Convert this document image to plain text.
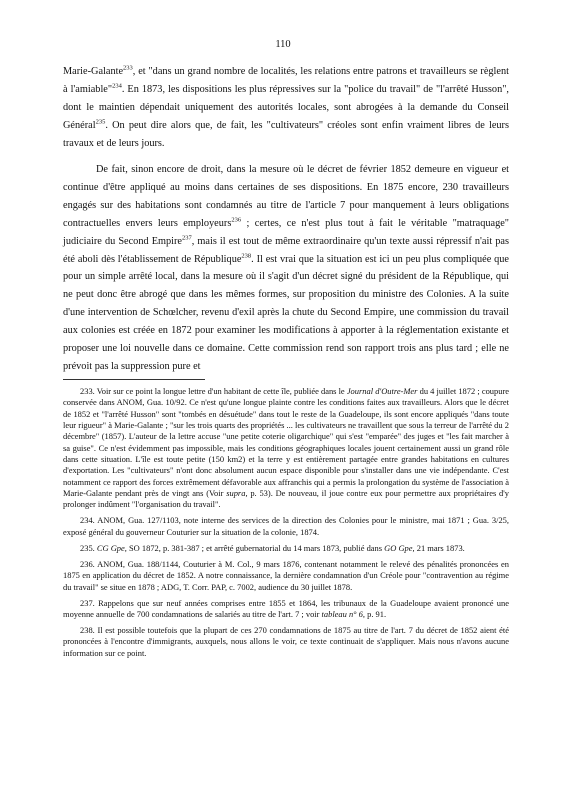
110

Marie-Galante$^{233}$, et "dans un grand nombre de localités, les relations entre patrons et travailleurs se règlent à l'amiable"$^{234}$. En 1873, les dispositions les plus répressives sur la "police du travail" de "l'arrêté Husson", dont le maintien dépendait uniquement des autorités locales, sont abrogées à la demande du Conseil Général$^{235}$. On peut dire alors que, de fait, les "cultivateurs" créoles sont enfin vraiment libres de leurs travaux et de leurs jours.

De fait, sinon encore de droit, dans la mesure où le décret de février 1852 demeure en vigueur et continue d'être appliqué au moins dans certaines de ses dispositions. En 1875 encore, 230 travailleurs engagés sur des habitations sont condamnés au titre de l'article 7 pour manquement à leurs obligations contractuelles envers leurs employeurs$^{236}$ ; certes, ce n'est plus tout à fait le véritable "matraquage" judiciaire du Second Empire$^{237}$, mais il est tout de même extraordinaire qu'un texte aussi répressif n'ait pas été aboli dès l'établissement de République$^{238}$. Il est vrai que la situation est ici un peu plus compliquée que pour un simple arrêté local, dans la mesure où il s'agit d'un décret signé du président de la République, qui ne peut donc être abrogé que dans les mêmes formes, sur proposition du ministre des Colonies. A la suite d'une intervention de Schœlcher, revenu d'exil après la chute du Second Empire, une commission du travail aux colonies est créée en 1872 pour examiner les modifications à apporter à la réglementation existante et proposer une loi nouvelle dans ce domaine. Cette commission rend son rapport trois ans plus tard ; elle ne prévoit pas la suppression pure et

233. Voir sur ce point la longue lettre d'un habitant de cette île, publiée dans le Journal d'Outre-Mer du 4 juillet 1872 ; coupure conservée dans ANOM, Gua. 10/92. Ce n'est qu'une longue plainte contre les conditions faites aux travailleurs. Alors que le décret de 1852 et "l'arrêté Husson" sont "tombés en désuétude" dans tout le reste de la Guadeloupe, ils sont encore appliqués "dans toute leur rigueur" à Marie-Galante ; "sur les trois quarts des propriétés ... les cultivateurs ne travaillent que sous la terreur de l'arrêté du 2 décembre" (1857). L'auteur de la lettre accuse "une petite coterie oligarchique" qui s'est "emparée" des juges et "les fait marcher à sa guise". Ce n'est évidemment pas impossible, mais les conditions géographiques locales jouent certainement aussi un grand rôle dans cette situation. L'île est toute petite (150 km2) et la terre y est entièrement partagée entre grandes habitations en cultures d'exportation. Les "cultivateurs" n'ont donc absolument aucun espace disponible pour s'installer dans une vie indépendante. C'est notamment ce rapport des forces extrêmement défavorable aux affranchis qui a permis la prolongation du système de l'association à Marie-Galante pendant près de vingt ans (Voir supra, p. 53). De nouveau, il joue contre eux pour permettre aux propriétaires d'y prolonger indûment "l'organisation du travail".

234. ANOM, Gua. 127/1103, note interne des services de la direction des Colonies pour le ministre, mai 1871 ; Gua. 3/25, exposé général du gouverneur Couturier sur la situation de la colonie, 1874.

235. CG Gpe, SO 1872, p. 381-387 ; et arrêté gubernatorial du 14 mars 1873, publié dans GO Gpe, 21 mars 1873.

236. ANOM, Gua. 188/1144, Couturier à M. Col., 9 mars 1876, contenant notamment le relevé des pénalités prononcées en 1875 en application du décret de 1852. A notre connaissance, la dernière condamnation d'un Créole pour "contravention au régime du travail" se situe en 1878 ; ADG, T. Corr. PAP, c. 7002, audience du 30 juillet 1878.

237. Rappelons que sur neuf années comprises entre 1855 et 1864, les tribunaux de la Guadeloupe avaient prononcé une moyenne annuelle de 700 condamnations de salariés au titre de l'art. 7 ; voir tableau n° 6, p. 91.

238. Il est possible toutefois que la plupart de ces 270 condamnations de 1875 au titre de l'art. 7 du décret de 1852 aient été prononcées à l'encontre d'immigrants, auxquels, nous allons le voir, ce texte continuait de s'appliquer. Mais nous n'avons aucune information sur ce point.
